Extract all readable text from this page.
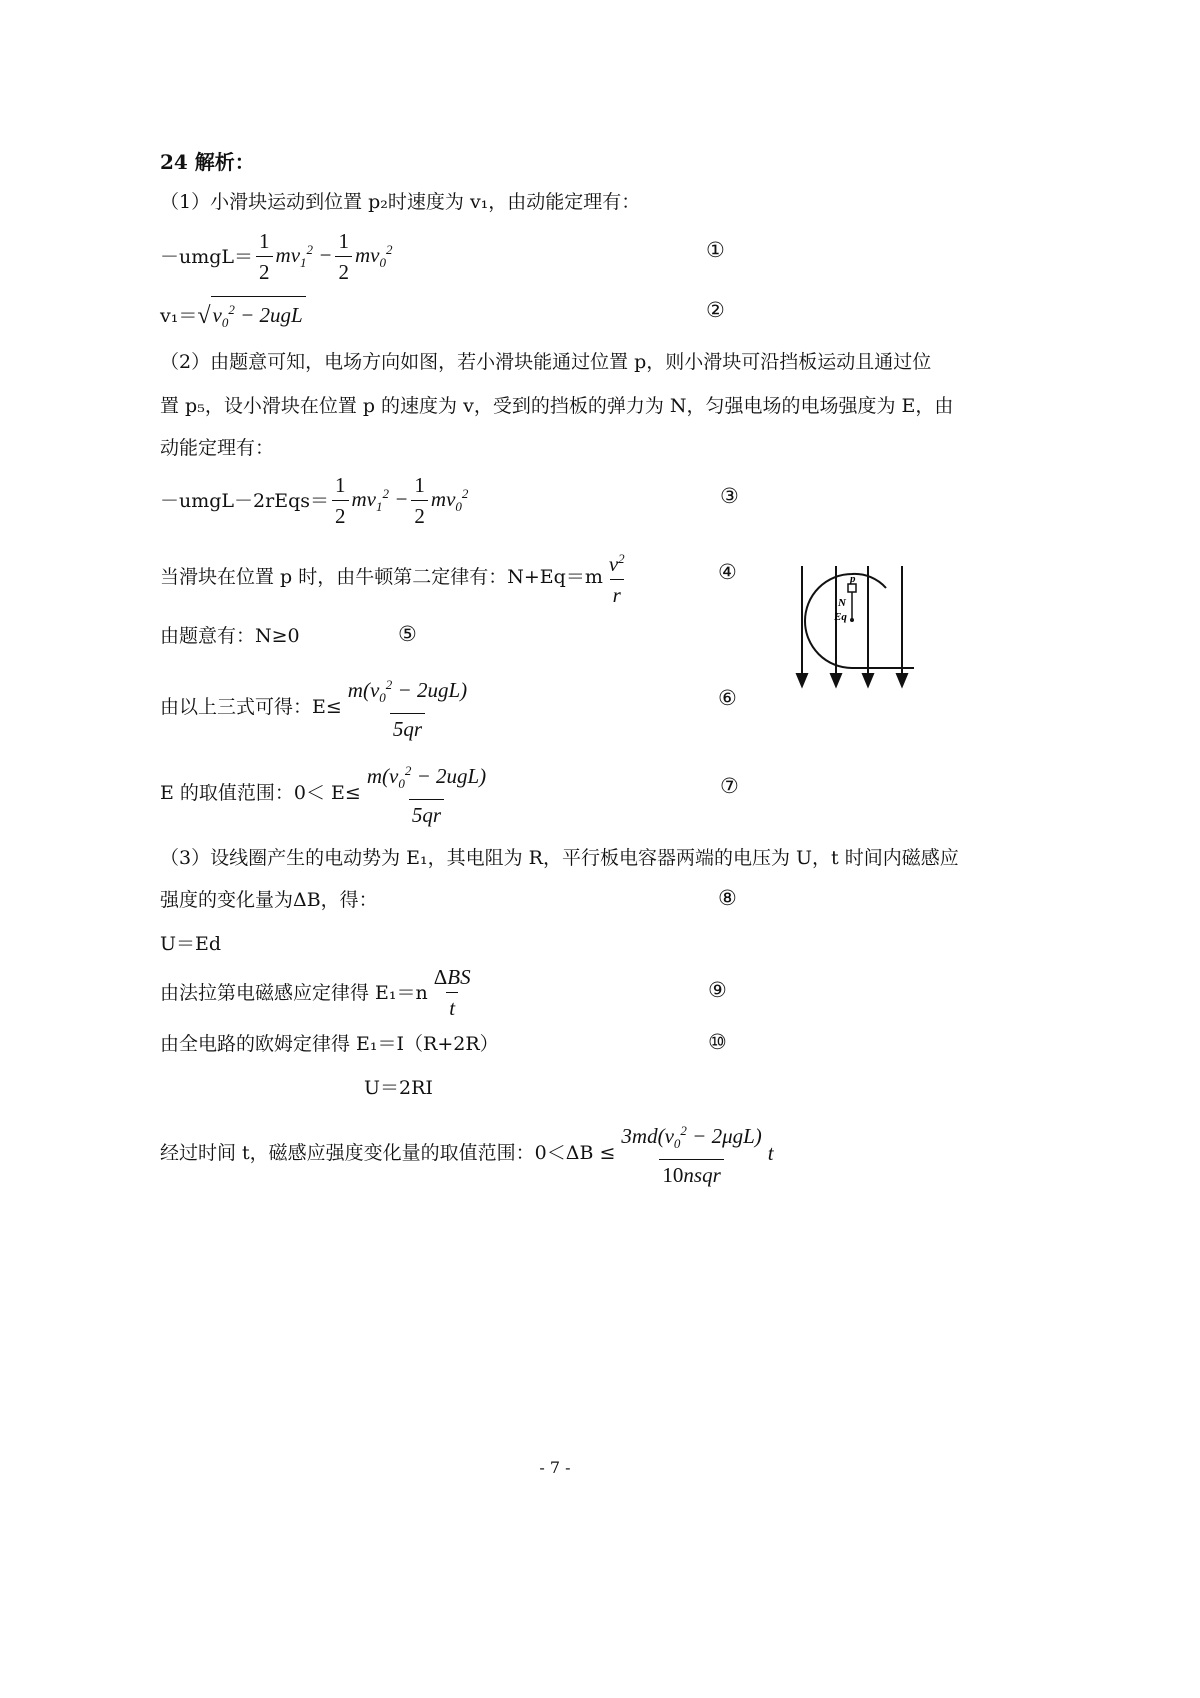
24 解析：
（1）小滑块运动到位置 p₂时速度为 v₁，由动能定理有：
－umgL＝ $\frac{1}{2} mv_1^2 - \frac{1}{2} mv_0^2$	①
v₁＝ √ $v_0^2 - 2ugL$	②
（2）由题意可知，电场方向如图，若小滑块能通过位置 p，则小滑块可沿挡板运动且通过位
置 p₅，设小滑块在位置 p 的速度为 v，受到的挡板的弹力为 N，匀强电场的电场强度为 E，由
动能定理有：
－umgL－2rEqs＝ $\frac{1}{2} mv_1^2 - \frac{1}{2} mv_0^2$	③
当滑块在位置 p 时，由牛顿第二定律有：$N+Eq=m \frac{v^2}{r}$	④
由题意有：N≥0	⑤
由以上三式可得：$E\le \frac{m(v_0^2 - 2ugL)}{5qr}$	⑥
E 的取值范围：$0< E\le \frac{m(v_0^2 - 2ugL)}{5qr}$	⑦
p
N
Eq
（3）设线圈产生的电动势为 E₁，其电阻为 R，平行板电容器两端的电压为 U，t 时间内磁感应
强度的变化量为ΔB，得：	⑧
U＝Ed
由法拉第电磁感应定律得 $E_1=n \frac{\text{ΔBS}}{t}$	⑨
由全电路的欧姆定律得 E₁＝I（R+2R）	⑩
U＝2RI
经过时间 t，磁感应强度变化量的取值范围：$0<\Delta B \le \frac{3md(v_0^2 - 2\mu gL)}{\text{10nsqr}}$ t
- 7 -
